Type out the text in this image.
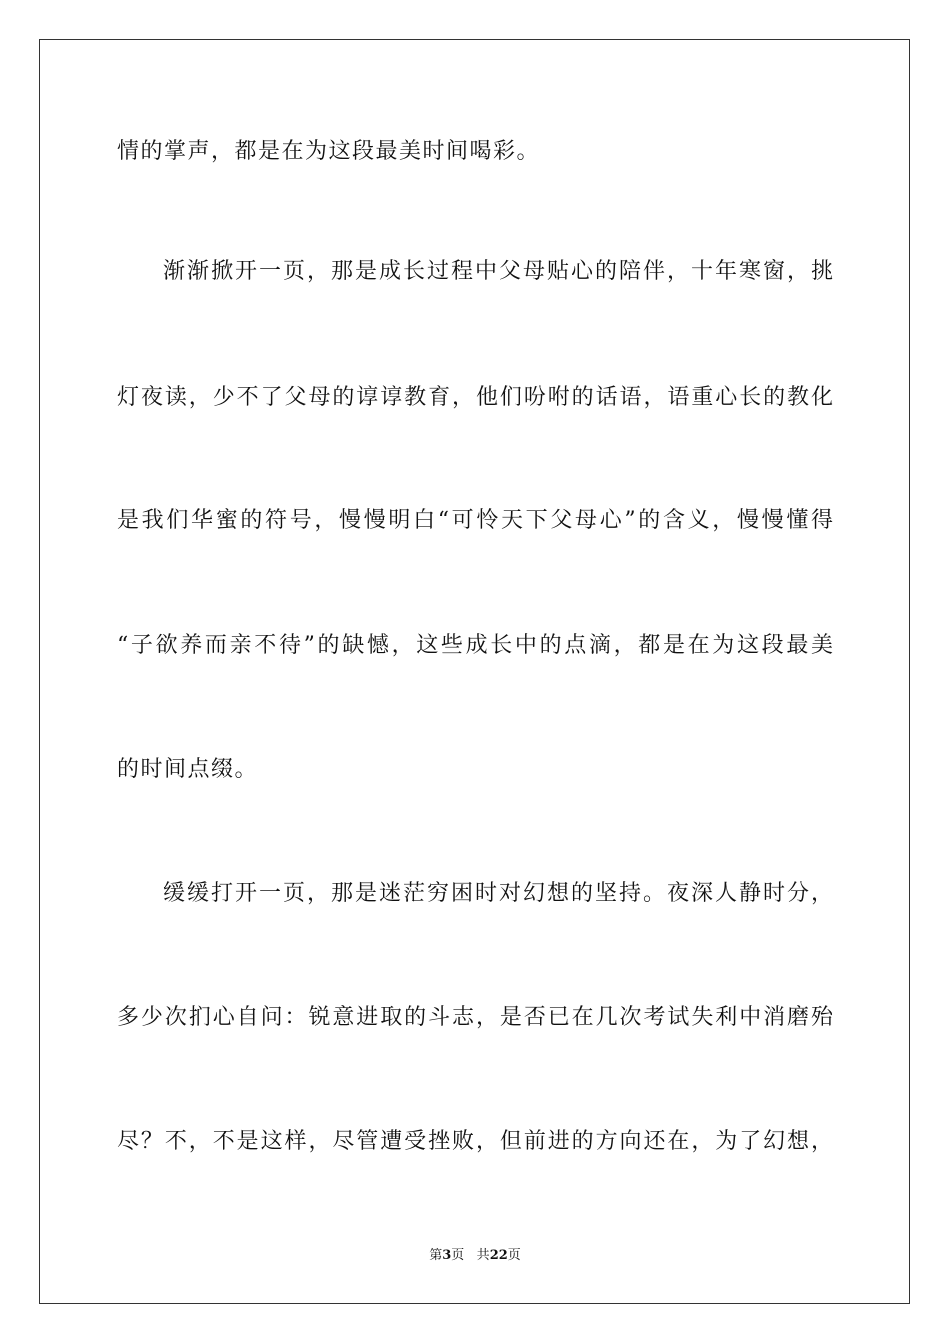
情的掌声，都是在为这段最美时间喝彩。

渐渐掀开一页，那是成长过程中父母贴心的陪伴，十年寒窗，挑

灯夜读，少不了父母的谆谆教育，他们吩咐的话语，语重心长的教化

是我们华蜜的符号，慢慢明白“可怜天下父母心”的含义，慢慢懂得

“子欲养而亲不待”的缺憾，这些成长中的点滴，都是在为这段最美

的时间点缀。

缓缓打开一页，那是迷茫穷困时对幻想的坚持。夜深人静时分，

多少次扪心自问：锐意进取的斗志，是否已在几次考试失利中消磨殆

尽？不，不是这样，尽管遭受挫败，但前进的方向还在，为了幻想，

第3页 共22页
